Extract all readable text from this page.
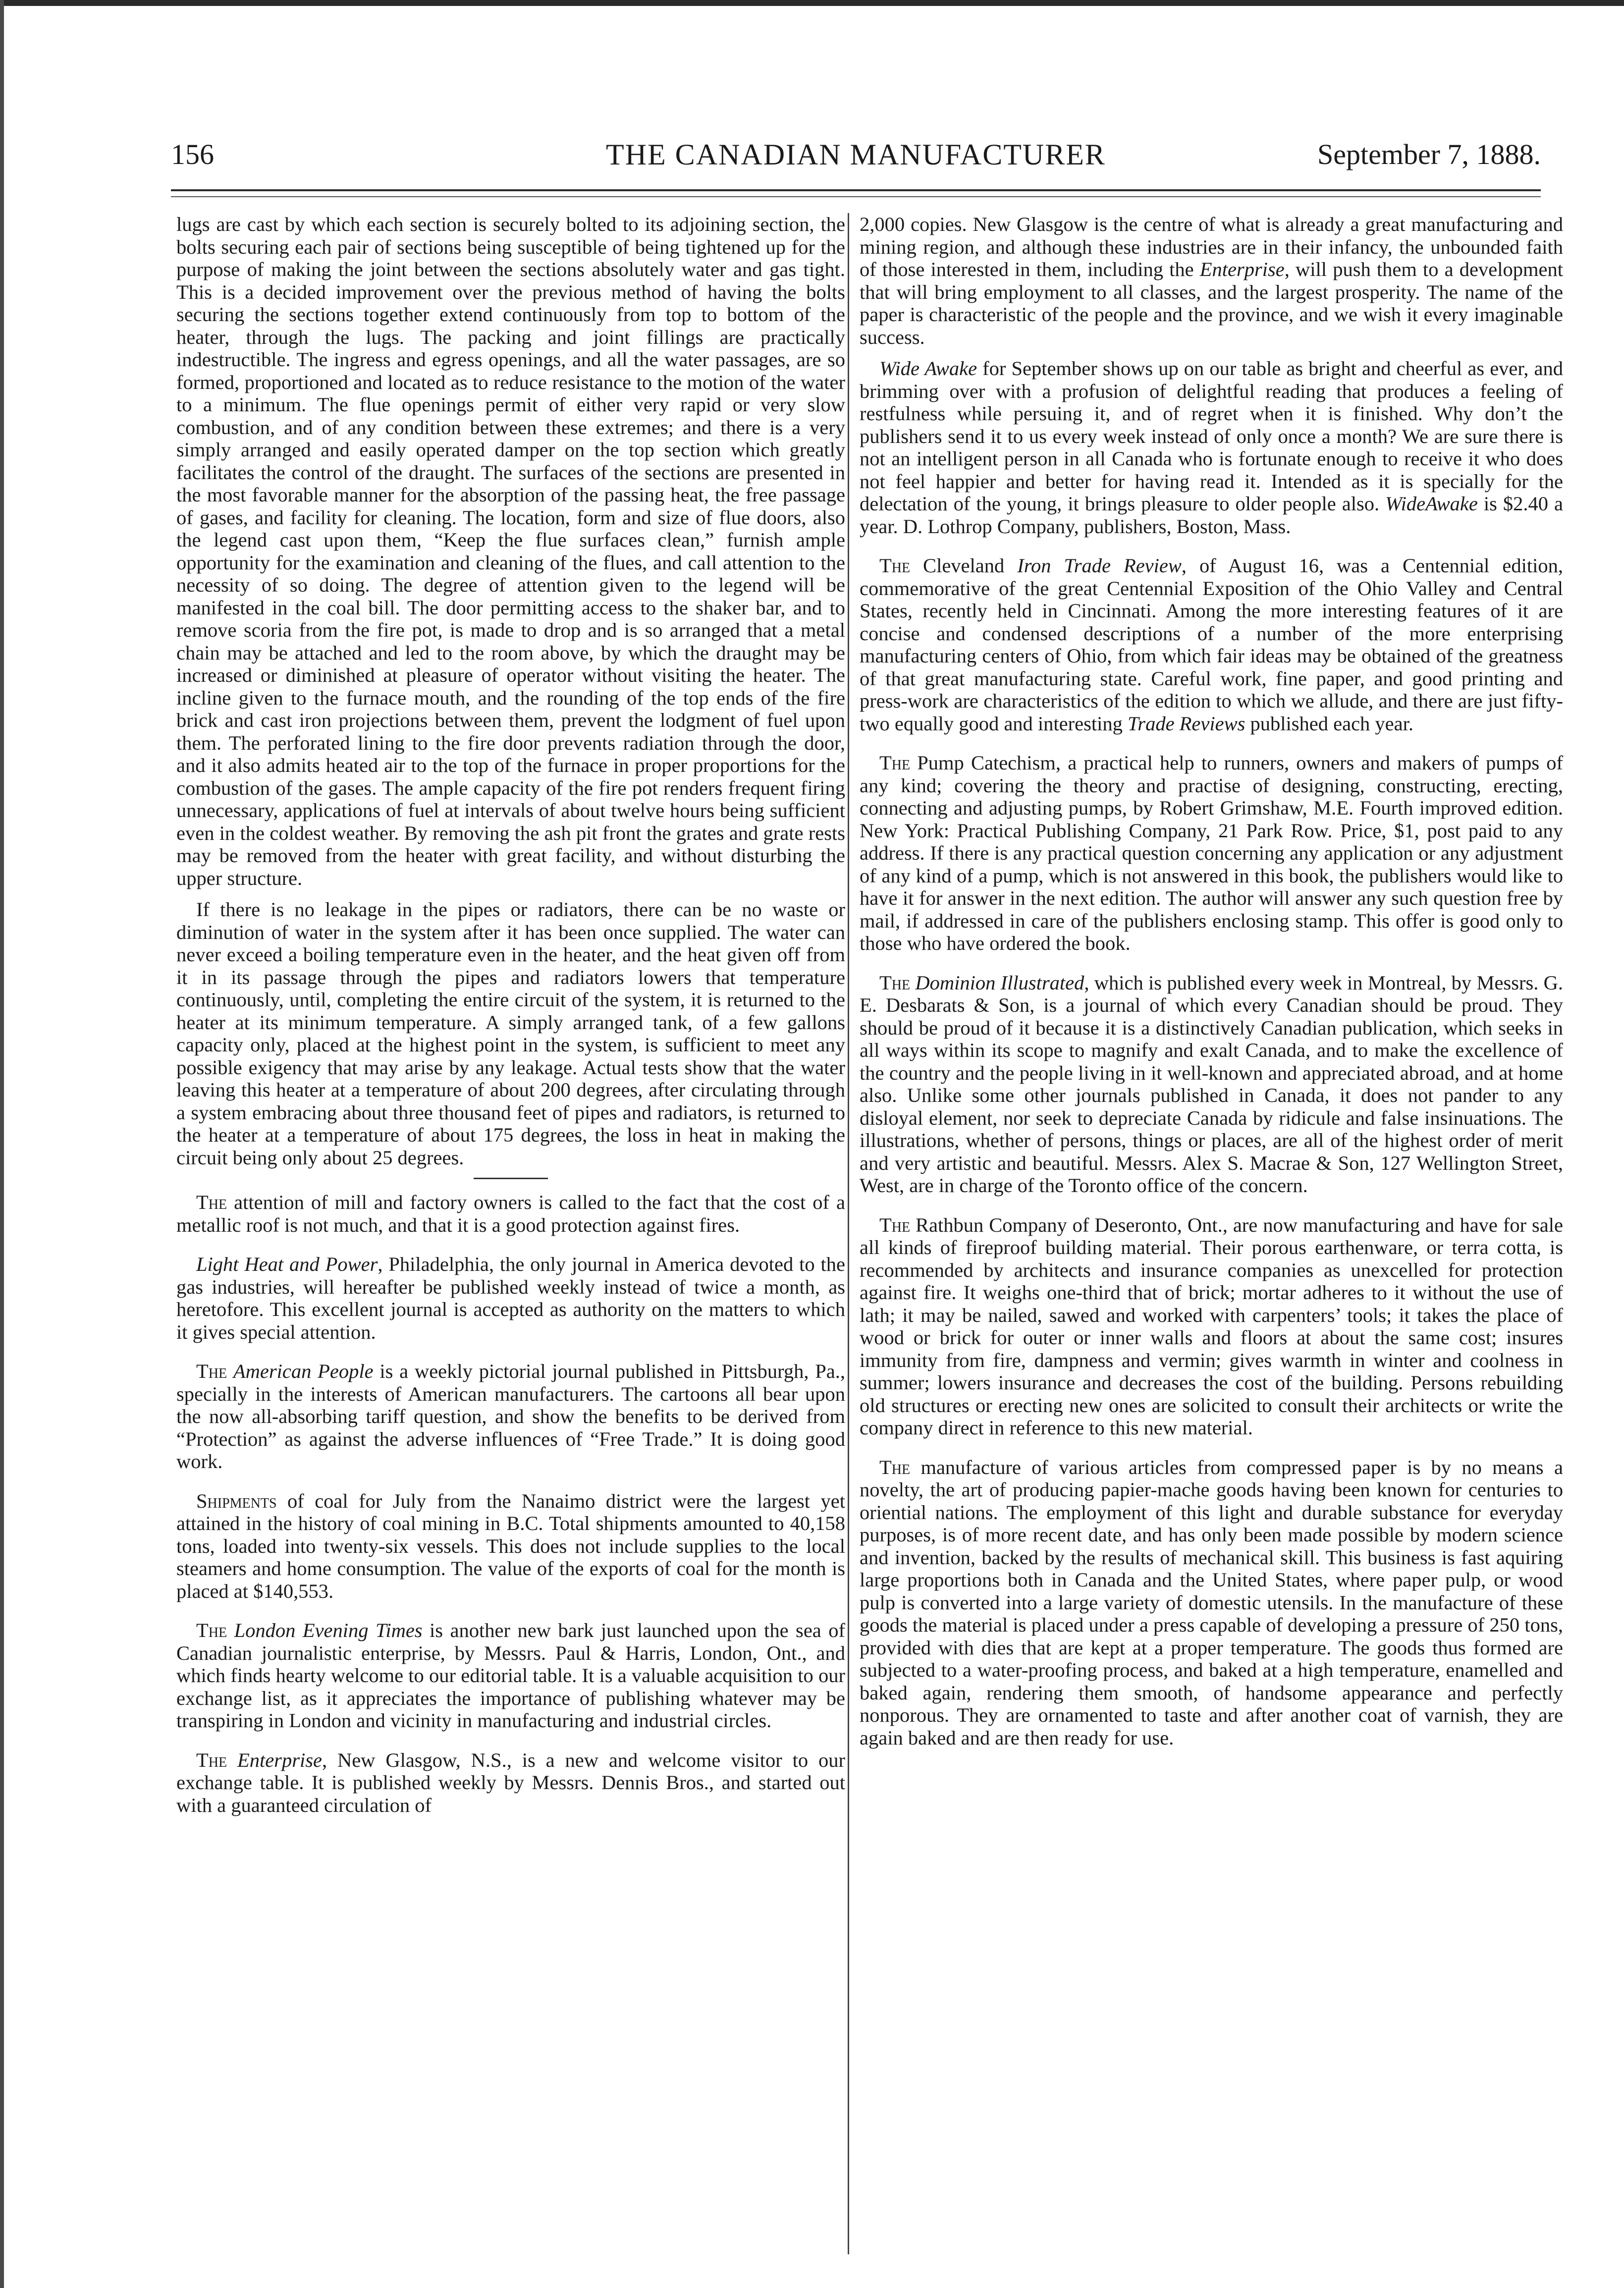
156	THE CANADIAN MANUFACTURER	September 7, 1888.

lugs are cast by which each section is securely bolted to its adjoining section, the bolts securing each pair of sections being susceptible of being tightened up for the purpose of making the joint between the sections absolutely water and gas tight. This is a decided improvement over the previous method of having the bolts securing the sections together extend continuously from top to bottom of the heater, through the lugs. The packing and joint fillings are practically indestructible. The ingress and egress openings, and all the water passages, are so formed, proportioned and located as to reduce resistance to the motion of the water to a minimum. The flue openings permit of either very rapid or very slow combustion, and of any condition between these extremes; and there is a very simply arranged and easily operated damper on the top section which greatly facilitates the control of the draught. The surfaces of the sections are presented in the most favorable manner for the absorption of the passing heat, the free passage of gases, and facility for cleaning. The location, form and size of flue doors, also the legend cast upon them, “Keep the flue surfaces clean,” furnish ample opportunity for the examination and cleaning of the flues, and call attention to the necessity of so doing. The degree of attention given to the legend will be manifested in the coal bill. The door permitting access to the shaker bar, and to remove scoria from the fire pot, is made to drop and is so arranged that a metal chain may be attached and led to the room above, by which the draught may be increased or diminished at pleasure of operator without visiting the heater. The incline given to the furnace mouth, and the rounding of the top ends of the fire brick and cast iron projections between them, prevent the lodgment of fuel upon them. The perforated lining to the fire door prevents radiation through the door, and it also admits heated air to the top of the furnace in proper proportions for the combustion of the gases. The ample capacity of the fire pot renders frequent firing unnecessary, applications of fuel at intervals of about twelve hours being sufficient even in the coldest weather. By removing the ash pit front the grates and grate rests may be removed from the heater with great facility, and without disturbing the upper structure.

If there is no leakage in the pipes or radiators, there can be no waste or diminution of water in the system after it has been once supplied. The water can never exceed a boiling temperature even in the heater, and the heat given off from it in its passage through the pipes and radiators lowers that temperature continuously, until, completing the entire circuit of the system, it is returned to the heater at its minimum temperature. A simply arranged tank, of a few gallons capacity only, placed at the highest point in the system, is sufficient to meet any possible exigency that may arise by any leakage. Actual tests show that the water leaving this heater at a temperature of about 200 degrees, after circulating through a system embracing about three thousand feet of pipes and radiators, is returned to the heater at a temperature of about 175 degrees, the loss in heat in making the circuit being only about 25 degrees.

The attention of mill and factory owners is called to the fact that the cost of a metallic roof is not much, and that it is a good protection against fires.

Light Heat and Power, Philadelphia, the only journal in America devoted to the gas industries, will hereafter be published weekly instead of twice a month, as heretofore. This excellent journal is accepted as authority on the matters to which it gives special attention.

The American People is a weekly pictorial journal published in Pittsburgh, Pa., specially in the interests of American manufacturers. The cartoons all bear upon the now all-absorbing tariff question, and show the benefits to be derived from “Protection” as against the adverse influences of “Free Trade.” It is doing good work.

Shipments of coal for July from the Nanaimo district were the largest yet attained in the history of coal mining in B.C. Total shipments amounted to 40,158 tons, loaded into twenty-six vessels. This does not include supplies to the local steamers and home consumption. The value of the exports of coal for the month is placed at $140,553.

The London Evening Times is another new bark just launched upon the sea of Canadian journalistic enterprise, by Messrs. Paul & Harris, London, Ont., and which finds hearty welcome to our editorial table. It is a valuable acquisition to our exchange list, as it appreciates the importance of publishing whatever may be transpiring in London and vicinity in manufacturing and industrial circles.

The Enterprise, New Glasgow, N.S., is a new and welcome visitor to our exchange table. It is published weekly by Messrs. Dennis Bros., and started out with a guaranteed circulation of

2,000 copies. New Glasgow is the centre of what is already a great manufacturing and mining region, and although these industries are in their infancy, the unbounded faith of those interested in them, including the Enterprise, will push them to a development that will bring employment to all classes, and the largest prosperity. The name of the paper is characteristic of the people and the province, and we wish it every imaginable success.

Wide Awake for September shows up on our table as bright and cheerful as ever, and brimming over with a profusion of delightful reading that produces a feeling of restfulness while persuing it, and of regret when it is finished. Why don’t the publishers send it to us every week instead of only once a month? We are sure there is not an intelligent person in all Canada who is fortunate enough to receive it who does not feel happier and better for having read it. Intended as it is specially for the delectation of the young, it brings pleasure to older people also. WideAwake is $2.40 a year. D. Lothrop Company, publishers, Boston, Mass.

The Cleveland Iron Trade Review, of August 16, was a Centennial edition, commemorative of the great Centennial Exposition of the Ohio Valley and Central States, recently held in Cincinnati. Among the more interesting features of it are concise and condensed descriptions of a number of the more enterprising manufacturing centers of Ohio, from which fair ideas may be obtained of the greatness of that great manufacturing state. Careful work, fine paper, and good printing and press-work are characteristics of the edition to which we allude, and there are just fifty-two equally good and interesting Trade Reviews published each year.

The Pump Catechism, a practical help to runners, owners and makers of pumps of any kind; covering the theory and practise of designing, constructing, erecting, connecting and adjusting pumps, by Robert Grimshaw, M.E. Fourth improved edition. New York: Practical Publishing Company, 21 Park Row. Price, $1, post paid to any address. If there is any practical question concerning any application or any adjustment of any kind of a pump, which is not answered in this book, the publishers would like to have it for answer in the next edition. The author will answer any such question free by mail, if addressed in care of the publishers enclosing stamp. This offer is good only to those who have ordered the book.

The Dominion Illustrated, which is published every week in Montreal, by Messrs. G. E. Desbarats & Son, is a journal of which every Canadian should be proud. They should be proud of it because it is a distinctively Canadian publication, which seeks in all ways within its scope to magnify and exalt Canada, and to make the excellence of the country and the people living in it well-known and appreciated abroad, and at home also. Unlike some other journals published in Canada, it does not pander to any disloyal element, nor seek to depreciate Canada by ridicule and false insinuations. The illustrations, whether of persons, things or places, are all of the highest order of merit and very artistic and beautiful. Messrs. Alex S. Macrae & Son, 127 Wellington Street, West, are in charge of the Toronto office of the concern.

The Rathbun Company of Deseronto, Ont., are now manufacturing and have for sale all kinds of fireproof building material. Their porous earthenware, or terra cotta, is recommended by architects and insurance companies as unexcelled for protection against fire. It weighs one-third that of brick; mortar adheres to it without the use of lath; it may be nailed, sawed and worked with carpenters’ tools; it takes the place of wood or brick for outer or inner walls and floors at about the same cost; insures immunity from fire, dampness and vermin; gives warmth in winter and coolness in summer; lowers insurance and decreases the cost of the building. Persons rebuilding old structures or erecting new ones are solicited to consult their architects or write the company direct in reference to this new material.

The manufacture of various articles from compressed paper is by no means a novelty, the art of producing papier-mache goods having been known for centuries to oriential nations. The employment of this light and durable substance for everyday purposes, is of more recent date, and has only been made possible by modern science and invention, backed by the results of mechanical skill. This business is fast aquiring large proportions both in Canada and the United States, where paper pulp, or wood pulp is converted into a large variety of domestic utensils. In the manufacture of these goods the material is placed under a press capable of developing a pressure of 250 tons, provided with dies that are kept at a proper temperature. The goods thus formed are subjected to a water-proofing process, and baked at a high temperature, enamelled and baked again, rendering them smooth, of handsome appearance and perfectly nonporous. They are ornamented to taste and after another coat of varnish, they are again baked and are then ready for use.
